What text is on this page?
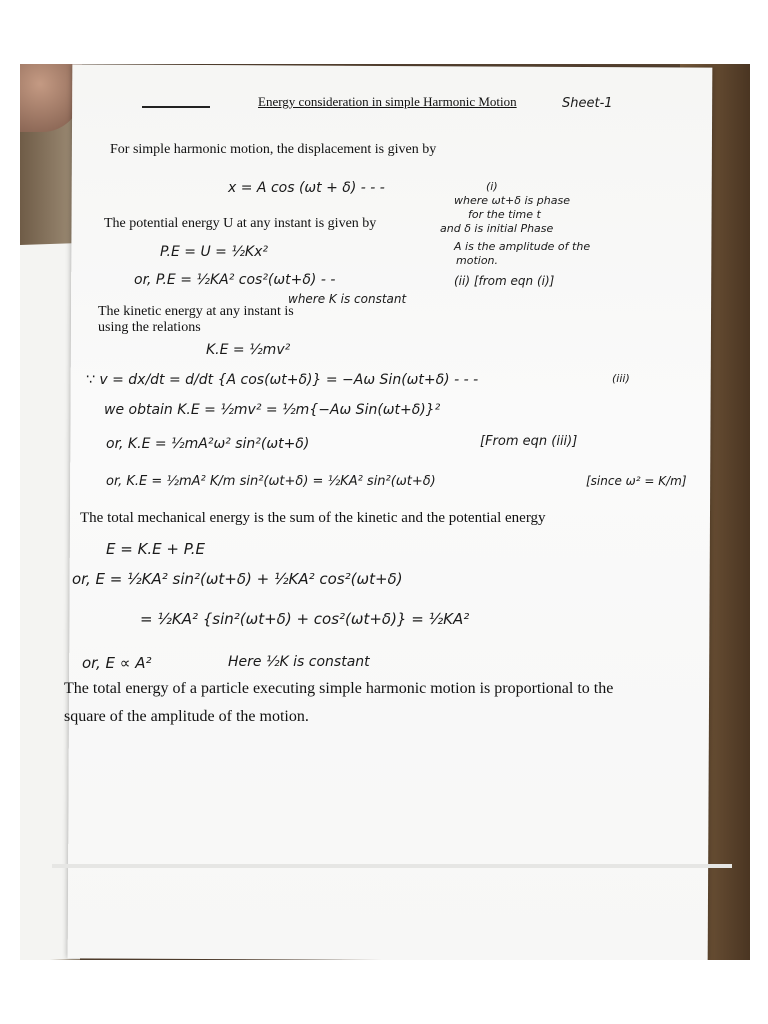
Energy consideration in simple Harmonic Motion	Sheet-1
For simple harmonic motion, the displacement is given by
x = A cos (ωt + δ) - - -	(i)
where ωt+δ is phase
for the time t
and δ is initial Phase
A is the amplitude of the
motion.
The potential energy U at any instant is given by
P.E = U = ½Kx²
or, P.E = ½KA² cos²(ωt+δ) - -	(ii) [from eqn (i)]
where K is constant
The kinetic energy at any instant is
using the relations
K.E = ½mv²
∵ v = dx/dt = d/dt {A cos(ωt+δ)} = −Aω Sin(ωt+δ) - - -	(iii)
we obtain K.E = ½mv² = ½m{−Aω Sin(ωt+δ)}²
or, K.E = ½mA²ω² sin²(ωt+δ)	[From eqn (iii)]
or, K.E = ½mA² K/m sin²(ωt+δ) = ½KA² sin²(ωt+δ)	[since ω² = K/m]
The total mechanical energy is the sum of the kinetic and the potential energy
E = K.E + P.E
or, E = ½KA² sin²(ωt+δ) + ½KA² cos²(ωt+δ)
= ½KA² {sin²(ωt+δ) + cos²(ωt+δ)} = ½KA²
or, E ∝ A²	Here ½K is constant
The total energy of a particle executing simple harmonic motion is proportional to the
square of the amplitude of the motion.
